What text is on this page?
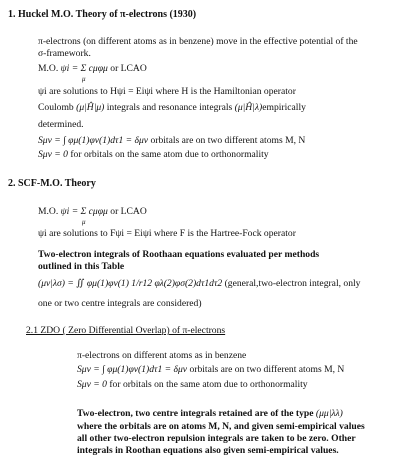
1. Huckel M.O. Theory of π-electrons (1930)
π-electrons (on different atoms as in benzene) move in the effective potential of the
σ-framework.
M.O. ψi = Σ cμφμ or LCAO
μ
ψi are solutions to Hψi = Eiψi where H is the Hamiltonian operator
Coulomb (μ|Ĥ|μ) integrals and resonance integrals (μ|Ĥ|λ)empirically
determined.
Sμν = ∫ φμ(1)φν(1)dτ1 = δμν orbitals are on two different atoms M, N
Sμν = 0 for orbitals on the same atom due to orthonormality
2. SCF-M.O. Theory
M.O. ψi = Σ cμφμ or LCAO
μ
ψi are solutions to Fψi = Eiψi where F is the Hartree-Fock operator
Two-electron integrals of Roothaan equations evaluated per methods
outlined in this Table
(μν|λσ) = ∬ φμ(1)φν(1) 1/r12 φλ(2)φσ(2)dτ1dτ2 (general,two-electron integral, only
one or two centre integrals are considered)
2.1 ZDO ( Zero Differential Overlap) of π-electrons
π-electrons on different atoms as in benzene
Sμν = ∫ φμ(1)φν(1)dτ1 = δμν orbitals are on two different atoms M, N
Sμν = 0 for orbitals on the same atom due to orthonormality
Two-electron, two centre integrals retained are of the type (μμ|λλ)
where the orbitals are on atoms M, N, and given semi-empirical values
all other two-electron repulsion integrals are taken to be zero. Other
integrals in Roothan equations also given semi-empirical values.
